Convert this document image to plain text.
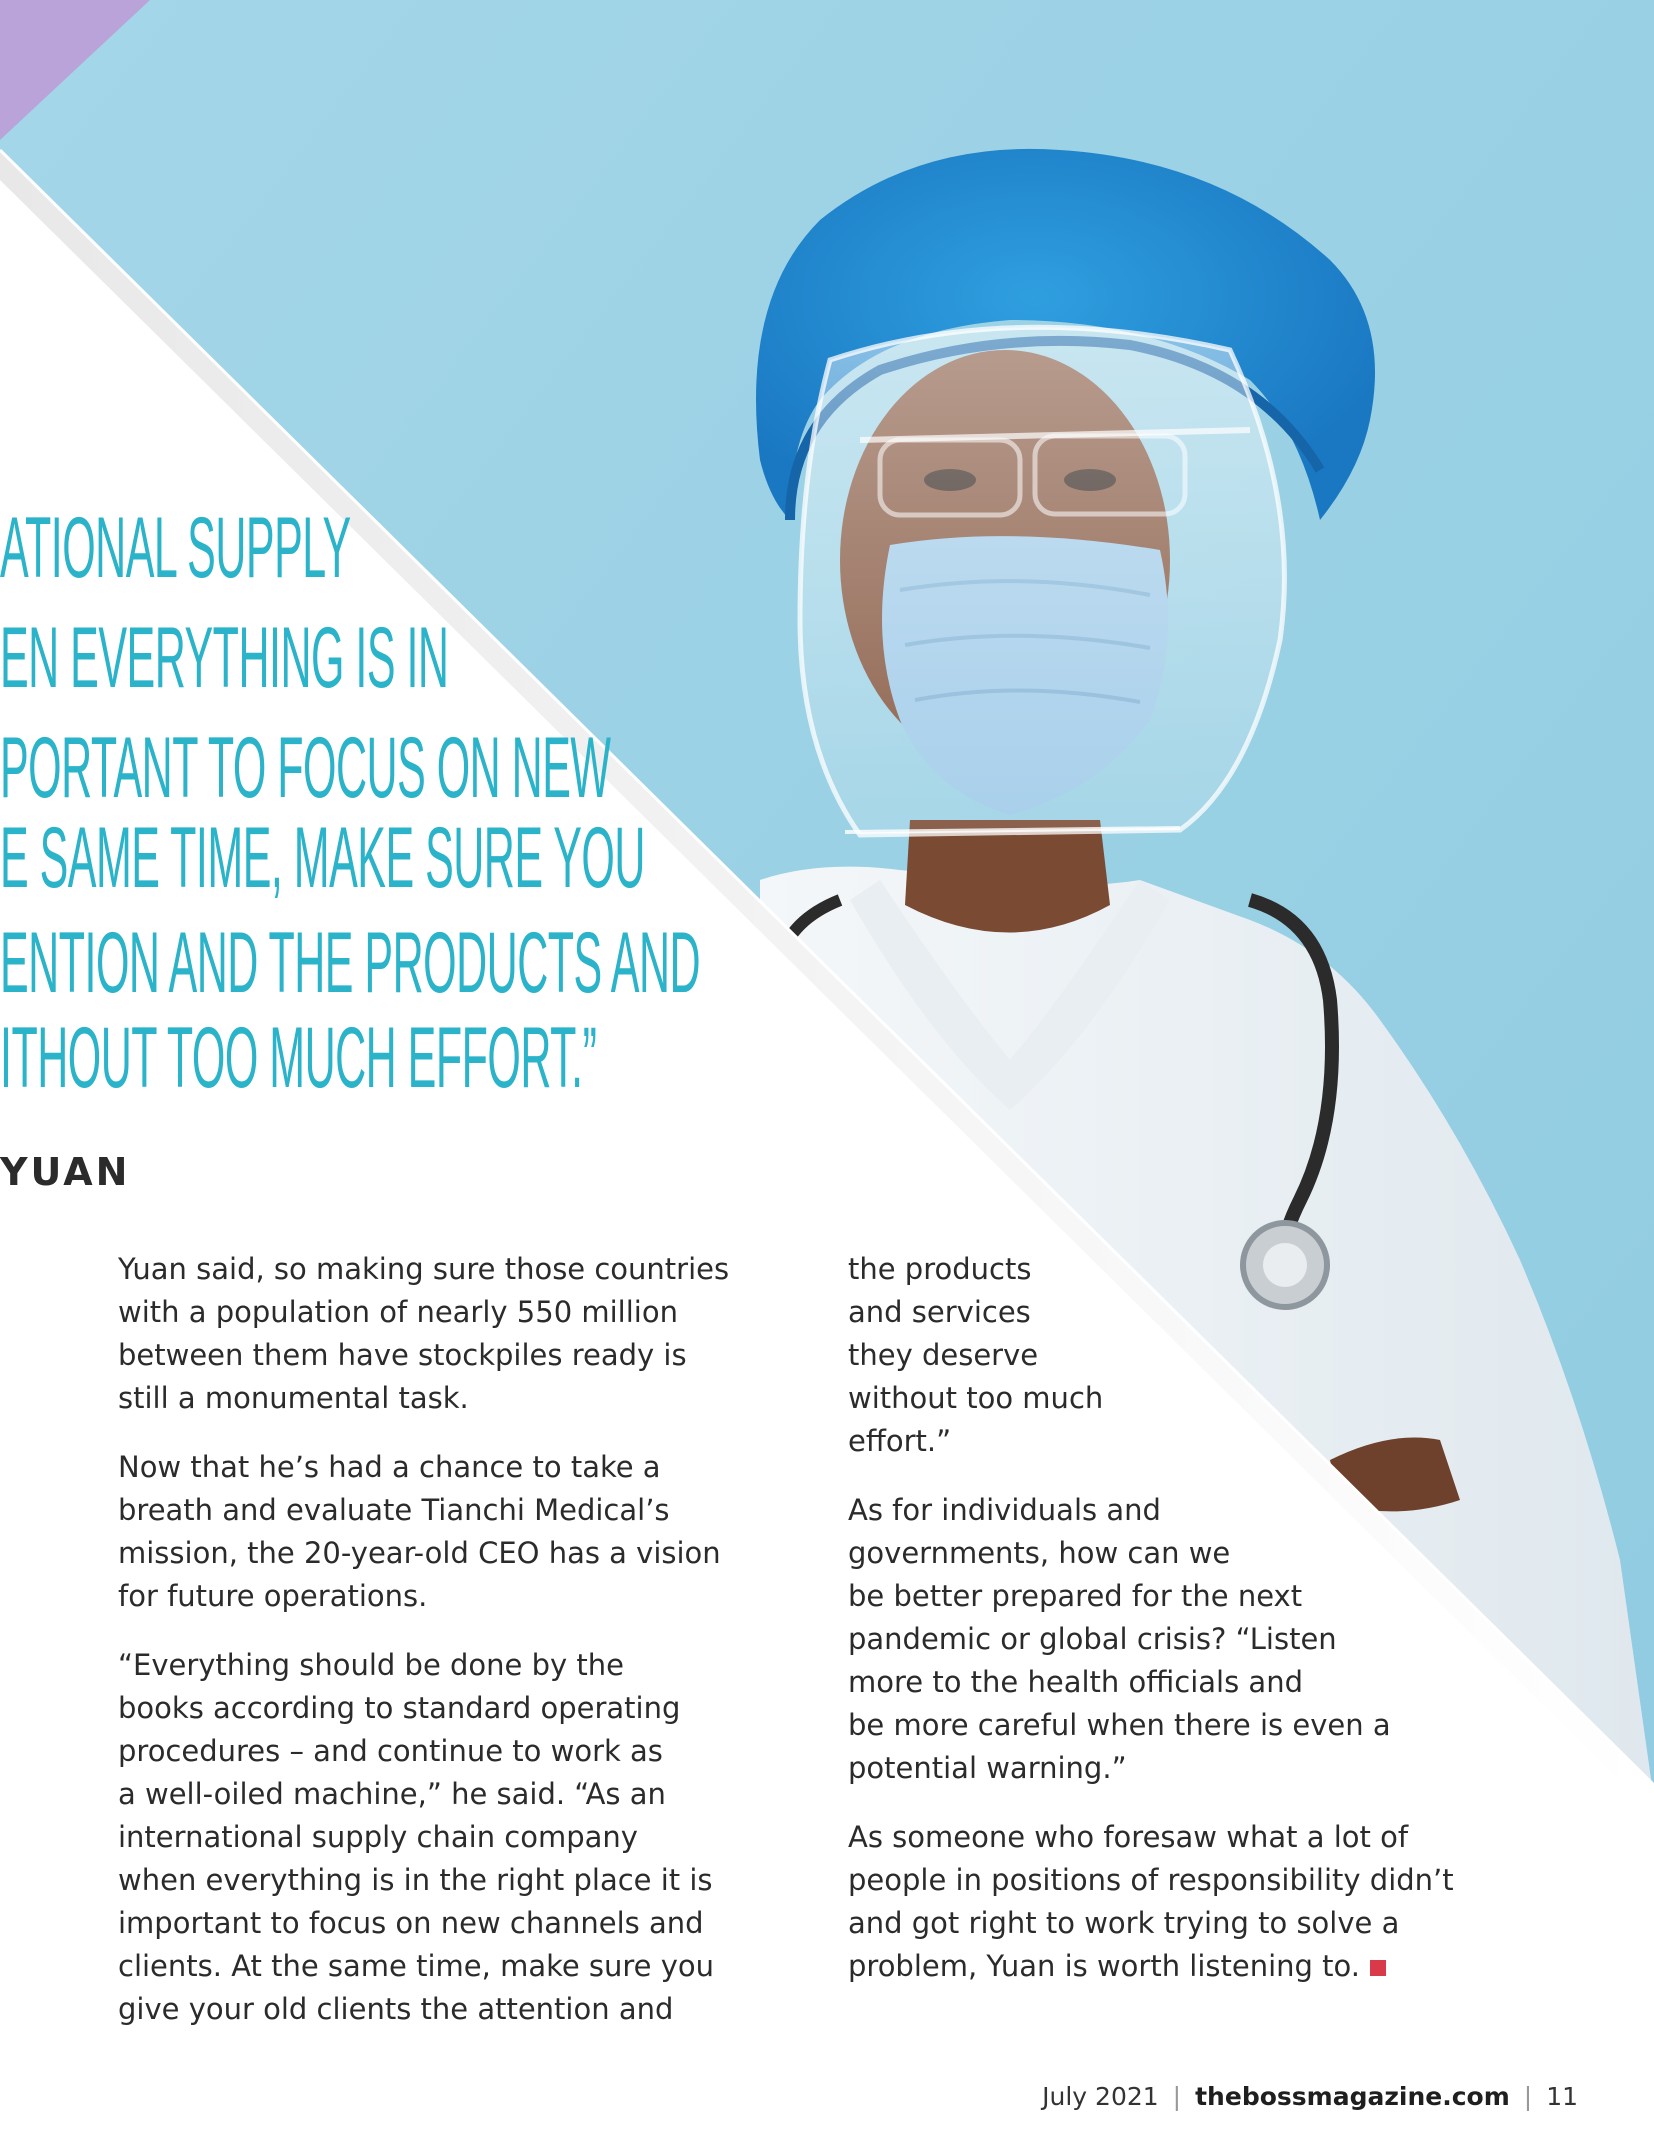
ATIONAL SUPPLY
EN EVERYTHING IS IN
PORTANT TO FOCUS ON NEW
E SAME TIME, MAKE SURE YOU
ENTION AND THE PRODUCTS AND
ITHOUT TOO MUCH EFFORT.”
YUAN

Yuan said, so making sure those countries
with a population of nearly 550 million
between them have stockpiles ready is
still a monumental task.

Now that he’s had a chance to take a
breath and evaluate Tianchi Medical’s
mission, the 20-year-old CEO has a vision
for future operations.

“Everything should be done by the
books according to standard operating
procedures – and continue to work as
a well-oiled machine,” he said. “As an
international supply chain company
when everything is in the right place it is
important to focus on new channels and
clients. At the same time, make sure you
give your old clients the attention and

the products
and services
they deserve
without too much
effort.”

As for individuals and
governments, how can we
be better prepared for the next
pandemic or global crisis? “Listen
more to the health officials and
be more careful when there is even a
potential warning.”

As someone who foresaw what a lot of
people in positions of responsibility didn’t
and got right to work trying to solve a
problem, Yuan is worth listening to.

July 2021 | thebossmagazine.com | 11
